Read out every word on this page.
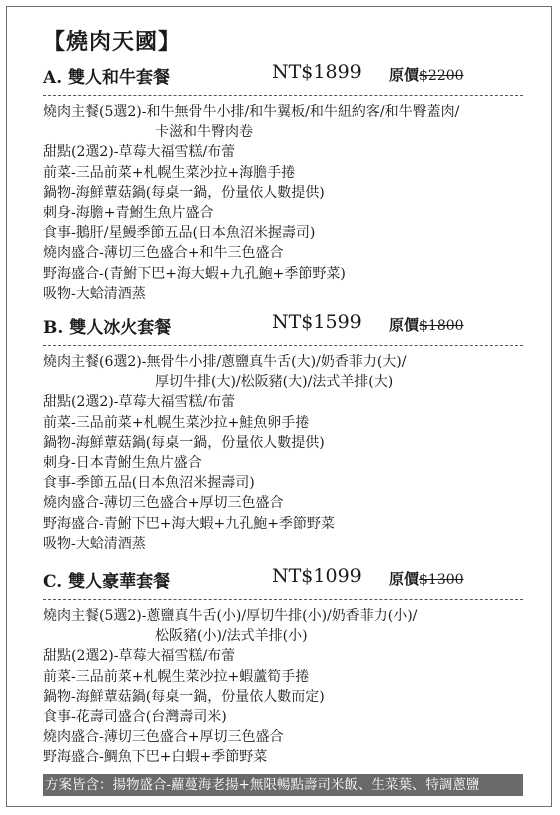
【燒肉天國】
A. 雙人和牛套餐	NT$1899 原價$2200
燒肉主餐(5選2)-和牛無骨牛小排/和牛翼板/和牛紐約客/和牛臀蓋肉/
卡滋和牛臀肉卷
甜點(2選2)-草莓大福雪糕/布蕾
前菜-三品前菜+札幌生菜沙拉+海膽手捲
鍋物-海鮮蕈菇鍋(每桌一鍋，份量依人數提供)
刺身-海膽+青鮒生魚片盛合
食事-鵝肝/星鰻季節五品(日本魚沼米握壽司)
燒肉盛合-薄切三色盛合+和牛三色盛合
野海盛合-(青鮒下巴+海大蝦+九孔鮑+季節野菜)
吸物-大蛤清酒蒸
B. 雙人冰火套餐	NT$1599 原價$1800
燒肉主餐(6選2)-無骨牛小排/蔥鹽真牛舌(大)/奶香菲力(大)/
厚切牛排(大)/松阪豬(大)/法式羊排(大)
甜點(2選2)-草莓大福雪糕/布蕾
前菜-三品前菜+札幌生菜沙拉+鮭魚卵手捲
鍋物-海鮮蕈菇鍋(每桌一鍋，份量依人數提供)
刺身-日本青鮒生魚片盛合
食事-季節五品(日本魚沼米握壽司)
燒肉盛合-薄切三色盛合+厚切三色盛合
野海盛合-青鮒下巴+海大蝦+九孔鮑+季節野菜
吸物-大蛤清酒蒸
C. 雙人豪華套餐	NT$1099 原價$1300
燒肉主餐(5選2)-蔥鹽真牛舌(小)/厚切牛排(小)/奶香菲力(小)/
松阪豬(小)/法式羊排(小)
甜點(2選2)-草莓大福雪糕/布蕾
前菜-三品前菜+札幌生菜沙拉+蝦蘆筍手捲
鍋物-海鮮蕈菇鍋(每桌一鍋，份量依人數而定)
食事-花壽司盛合(台灣壽司米)
燒肉盛合-薄切三色盛合+厚切三色盛合
野海盛合-鯛魚下巴+白蝦+季節野菜
方案皆含：揚物盛合-蘿蔓海老揚+無限暢點壽司米飯、生菜葉、特調蔥鹽
